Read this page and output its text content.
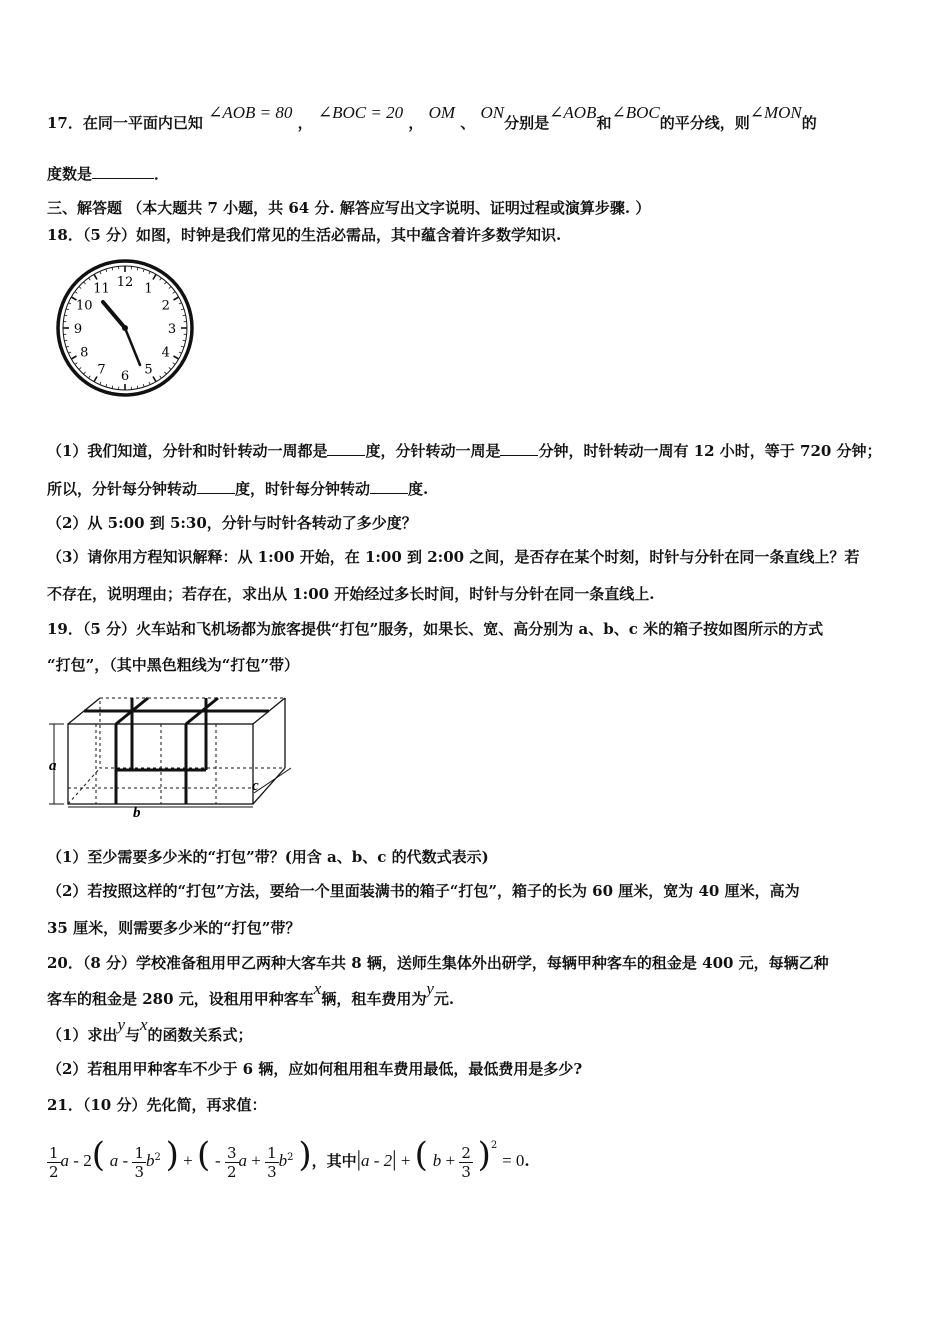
17．在同一平面内已知 ∠AOB = 80 ， ∠BOC = 20 ， OM 、 ON分别是∠AOB和∠BOC的平分线，则∠MON的
度数是	．
三、解答题 （本大题共 7 小题，共 64 分. 解答应写出文字说明、证明过程或演算步骤. ）
18．（5 分）如图，时钟是我们常见的生活必需品，其中蕴含着许多数学知识.
12 1
2
3
4
5
6
7
8
9
10
11
（1）我们知道，分针和时针转动一周都是	度，分针转动一周是	分钟，时针转动一周有 12 小时，等于 720 分钟；
所以，分针每分钟转动	度，时针每分钟转动	度.
（2）从 5:00 到 5:30，分针与时针各转动了多少度？
（3）请你用方程知识解释：从 1:00 开始，在 1:00 到 2:00 之间，是否存在某个时刻，时针与分针在同一条直线上？若
不存在，说明理由；若存在，求出从 1:00 开始经过多长时间，时针与分针在同一条直线上.
19．（5 分）火车站和飞机场都为旅客提供“打包”服务，如果长、宽、高分别为 a、b、c 米的箱子按如图所示的方式
“打包”，（其中黑色粗线为“打包”带）
a
b
c
（1）至少需要多少米的“打包”带？(用含 a、b、c 的代数式表示)
（2）若按照这样的“打包”方法，要给一个里面装满书的箱子“打包”，箱子的长为 60 厘米，宽为 40 厘米，高为
35 厘米，则需要多少米的“打包”带？
20．（8 分）学校准备租用甲乙两种大客车共 8 辆，送师生集体外出研学，每辆甲种客车的租金是 400 元，每辆乙种
客车的租金是 280 元，设租用甲种客车x辆，租车费用为y元.
（1）求出y与x的函数关系式；
（2）若租用甲种客车不少于 6 辆，应如何租用租车费用最低，最低费用是多少?
21．（10 分）先化简，再求值：
$\frac{1}{2}$ a - 2( a - $\frac{1}{3} b^2$ ) + ( - $\frac{3}{2}$ $a + \frac{1}{3} b^2$ )，其中|a - 2| + ( $b + \frac{2}{3} )^2 = 0$.
